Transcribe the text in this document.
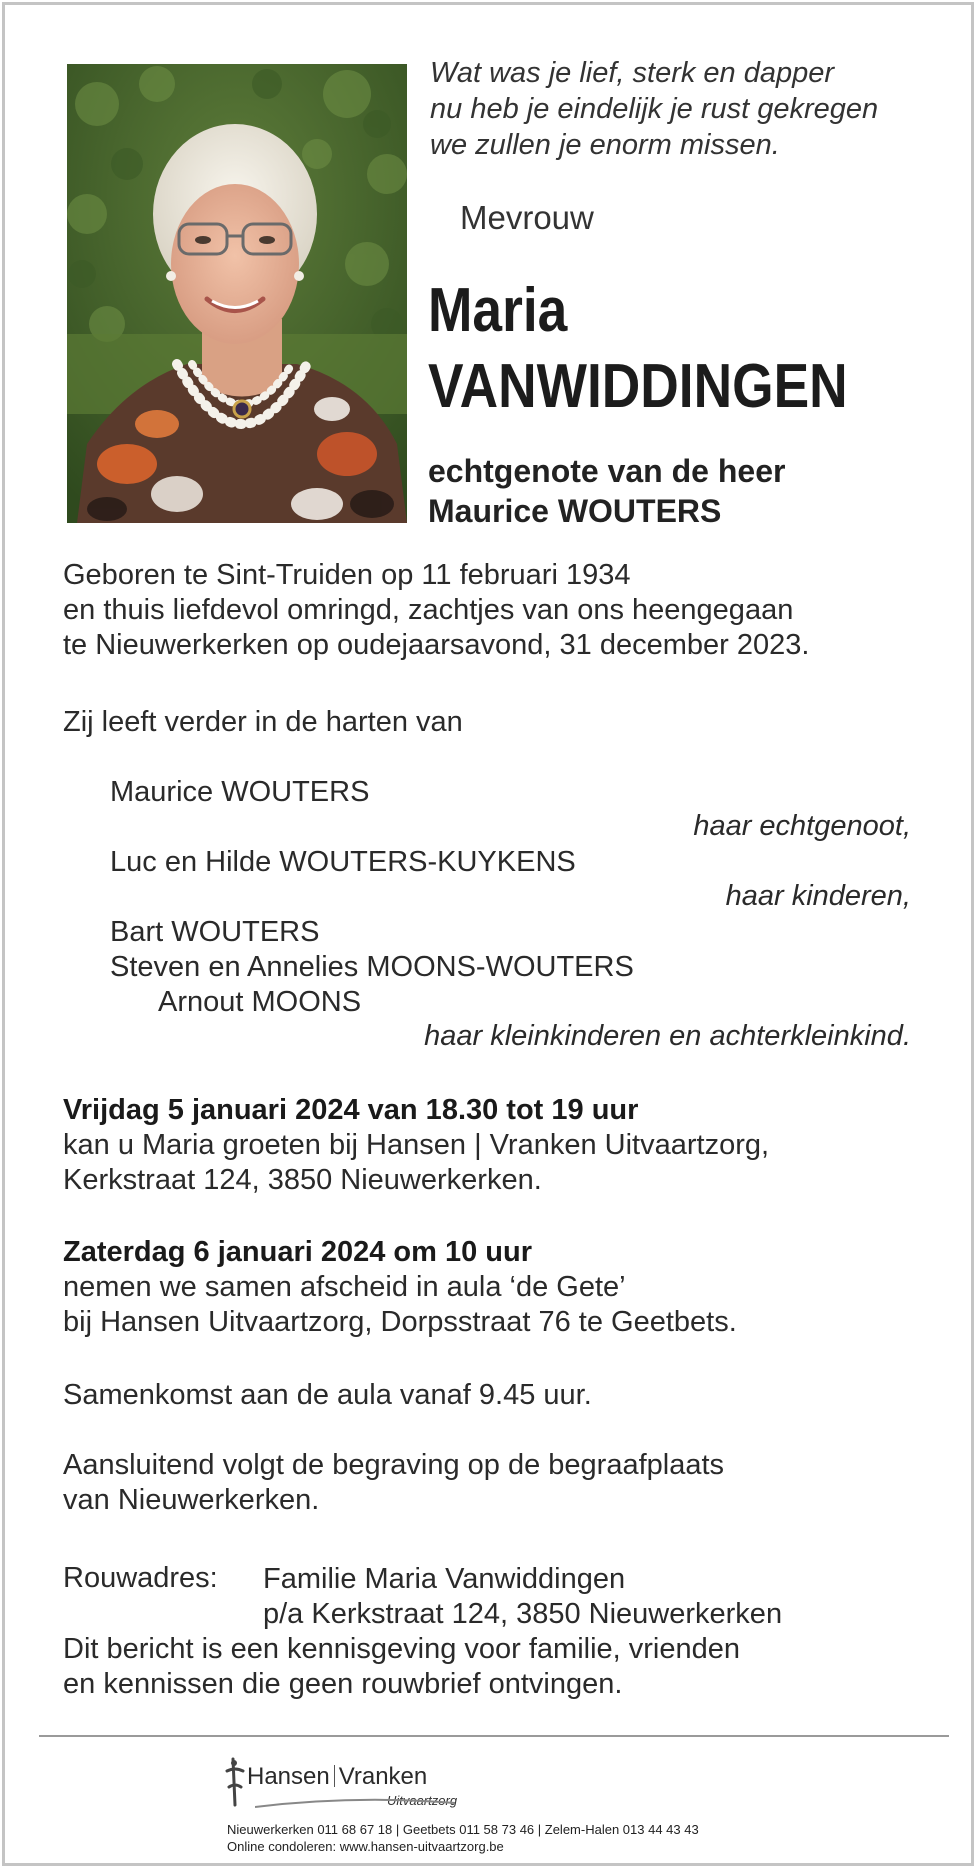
Wat was je lief, sterk en dapper
nu heb je eindelijk je rust gekregen
we zullen je enorm missen.
Mevrouw
Maria
VANWIDDINGEN
echtgenote van de heer
Maurice WOUTERS
Geboren te Sint-Truiden op 11 februari 1934
en thuis liefdevol omringd, zachtjes van ons heengegaan
te Nieuwerkerken op oudejaarsavond, 31 december 2023.
Zij leeft verder in de harten van
Maurice WOUTERS
haar echtgenoot,
Luc en Hilde WOUTERS-KUYKENS
haar kinderen,
Bart WOUTERS
Steven en Annelies MOONS-WOUTERS
Arnout MOONS
haar kleinkinderen en achterkleinkind.
Vrijdag 5 januari 2024 van 18.30 tot 19 uur
kan u Maria groeten bij Hansen | Vranken Uitvaartzorg,
Kerkstraat 124, 3850 Nieuwerkerken.
Zaterdag 6 januari 2024 om 10 uur
nemen we samen afscheid in aula ‘de Gete’
bij Hansen Uitvaartzorg, Dorpsstraat 76 te Geetbets.
Samenkomst aan de aula vanaf 9.45 uur.
Aansluitend volgt de begraving op de begraafplaats
van Nieuwerkerken.
Rouwadres: Familie Maria Vanwiddingen
p/a Kerkstraat 124, 3850 Nieuwerkerken
Dit bericht is een kennisgeving voor familie, vrienden
en kennissen die geen rouwbrief ontvingen.
Hansen Vranken
Uitvaartzorg
Nieuwerkerken 011 68 67 18 | Geetbets 011 58 73 46 | Zelem-Halen 013 44 43 43
Online condoleren: www.hansen-uitvaartzorg.be
